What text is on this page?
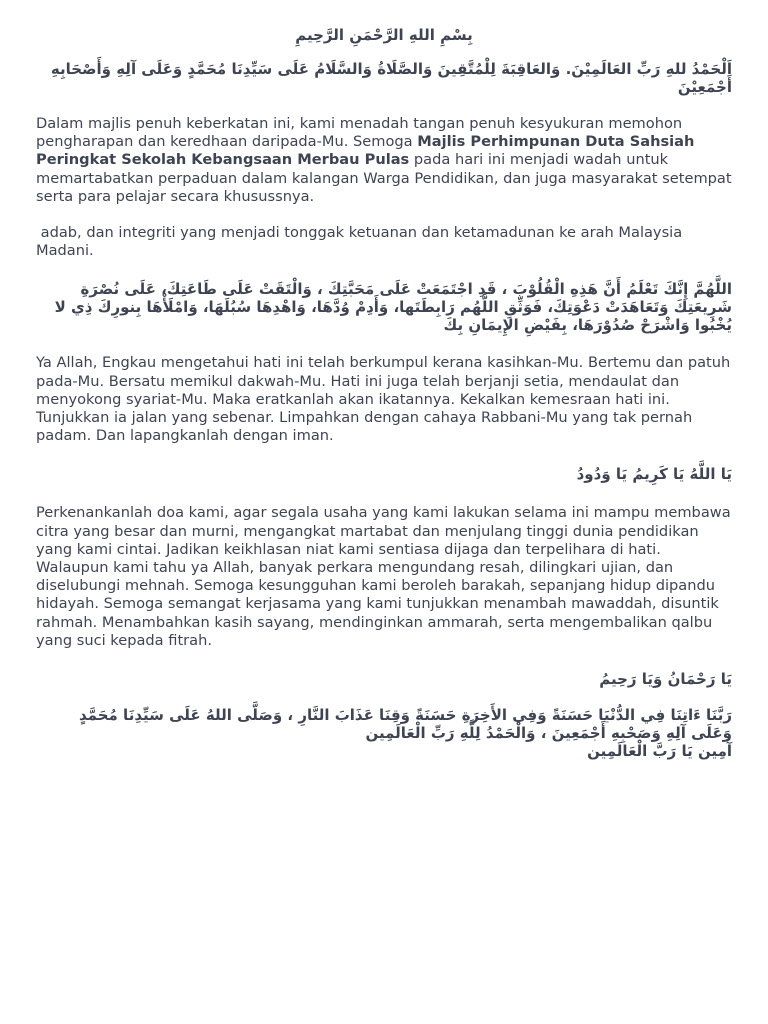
بِسْمِ اللهِ الرَّحْمَنِ الرَّحِيمِ

اَلْحَمْدُ للهِ رَبِّ العَالَمِيْنَ. وَالعَاقِبَةَ لِلْمُتَّقِينَ وَالصَّلَاةُ وَالسَّلَامُ عَلَى سَيِّدِنَا مُحَمَّدٍ وَعَلَى آلِهِ وَأَصْحَابِهِ أَجْمَعِيْنَ

Dalam majlis penuh keberkatan ini, kami menadah tangan penuh kesyukuran memohon pengharapan dan keredhaan daripada-Mu. Semoga Majlis Perhimpunan Duta Sahsiah Peringkat Sekolah Kebangsaan Merbau Pulas pada hari ini menjadi wadah untuk memartabatkan perpaduan dalam kalangan Warga Pendidikan, dan juga masyarakat setempat serta para pelajar secara khusussnya.

adab, dan integriti yang menjadi tonggak ketuanan dan ketamadunan ke arah Malaysia Madani.

اللَّهُمَّ إِنَّكَ تَعْلَمُ أَنَّ هَذِهِ الْقُلُوْبَ ، قَدِ اجْتَمَعَتْ عَلَى مَحَبَّتِكَ ، وَالْتَقَتْ عَلَى طَاعَتِكَ، عَلَى نُصْرَةِ شَرِيعَتِكَ وَتَعَاهَدَتْ دَعْوَتِكَ، فَوَثِّقِ اللَّهُم رَابِطَتَها، وَأَدِمْ وُدَّهَا، وَاهْدِهَا سُبُلَهَا، وَامْلَأْهَا بِنورِكَ ذِي لا يُخْبُوا وَاشْرَحْ صُدُوْرَهَا، بِفَيْضِ الإِيمَانِ بِكَ

Ya Allah, Engkau mengetahui hati ini telah berkumpul kerana kasihkan-Mu. Bertemu dan patuh pada-Mu. Bersatu memikul dakwah-Mu. Hati ini juga telah berjanji setia, mendaulat dan menyokong syariat-Mu. Maka eratkanlah akan ikatannya. Kekalkan kemesraan hati ini. Tunjukkan ia jalan yang sebenar. Limpahkan dengan cahaya Rabbani-Mu yang tak pernah padam. Dan lapangkanlah dengan iman.

يَا اللَّهُ يَا كَرِيمُ يَا وَدُودُ

Perkenankanlah doa kami, agar segala usaha yang kami lakukan selama ini mampu membawa citra yang besar dan murni, mengangkat martabat dan menjulang tinggi dunia pendidikan yang kami cintai. Jadikan keikhlasan niat kami sentiasa dijaga dan terpelihara di hati. Walaupun kami tahu ya Allah, banyak perkara mengundang resah, dilingkari ujian, dan diselubungi mehnah. Semoga kesungguhan kami beroleh barakah, sepanjang hidup dipandu hidayah. Semoga semangat kerjasama yang kami tunjukkan menambah mawaddah, disuntik rahmah. Menambahkan kasih sayang, mendinginkan ammarah, serta mengembalikan qalbu yang suci kepada fitrah.

يَا رَحْمَانُ وَيَا رَحِيمُ

رَبَّنَا ءَاتِنَا فِي الدُّنْيَا حَسَنَةً وَفِي الأَخِرَةِ حَسَنَةً وَقِنَا عَذَابَ النَّارِ ، وَصَلَّى اللهُ عَلَى سَيِّدِنَا مُحَمَّدٍ وَعَلَى آلِهِ وَصَحْبِهِ أَجْمَعِينَ ، وَالْحَمْدُ لِلَّهِ رَبِّ الْعَالَمِين

آمِين يَا رَبَّ الْعَالَمِين
